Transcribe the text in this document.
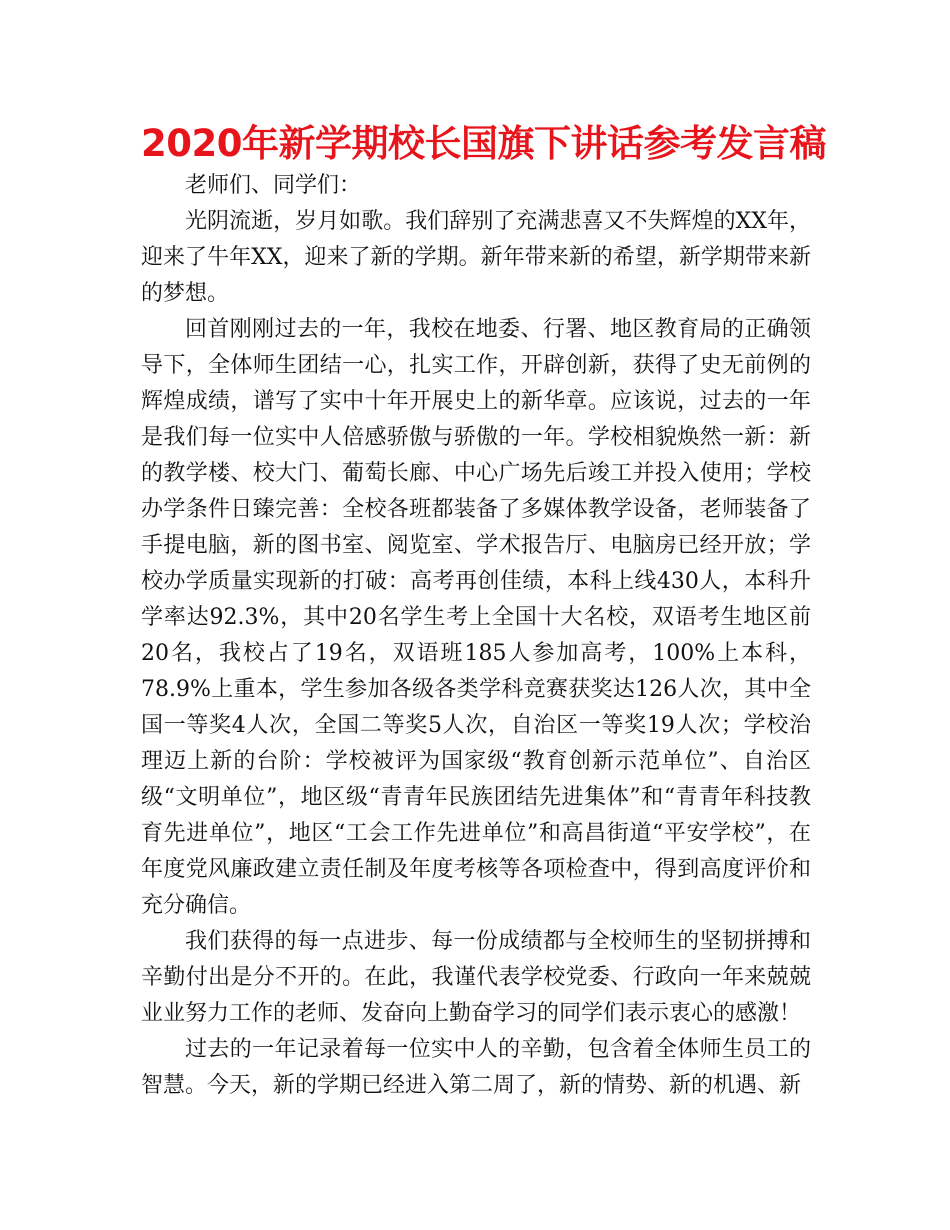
2020年新学期校长国旗下讲话参考发言稿

老师们、同学们：

光阴流逝，岁月如歌。我们辞别了充满悲喜又不失辉煌的XX年，迎来了牛年XX，迎来了新的学期。新年带来新的希望，新学期带来新的梦想。

回首刚刚过去的一年，我校在地委、行署、地区教育局的正确领导下，全体师生团结一心，扎实工作，开辟创新，获得了史无前例的辉煌成绩，谱写了实中十年开展史上的新华章。应该说，过去的一年是我们每一位实中人倍感骄傲与骄傲的一年。学校相貌焕然一新：新的教学楼、校大门、葡萄长廊、中心广场先后竣工并投入使用；学校办学条件日臻完善：全校各班都装备了多媒体教学设备，老师装备了手提电脑，新的图书室、阅览室、学术报告厅、电脑房已经开放；学校办学质量实现新的打破：高考再创佳绩，本科上线430人，本科升学率达92.3%，其中20名学生考上全国十大名校，双语考生地区前20名，我校占了19名，双语班185人参加高考，100%上本科，78.9%上重本，学生参加各级各类学科竞赛获奖达126人次，其中全国一等奖4人次，全国二等奖5人次，自治区一等奖19人次；学校治理迈上新的台阶：学校被评为国家级“教育创新示范单位”、自治区级“文明单位”，地区级“青青年民族团结先进集体”和“青青年科技教育先进单位”，地区“工会工作先进单位”和高昌街道“平安学校”，在年度党风廉政建立责任制及年度考核等各项检查中，得到高度评价和充分确信。

我们获得的每一点进步、每一份成绩都与全校师生的坚韧拼搏和辛勤付出是分不开的。在此，我谨代表学校党委、行政向一年来兢兢业业努力工作的老师、发奋向上勤奋学习的同学们表示衷心的感激！

过去的一年记录着每一位实中人的辛勤，包含着全体师生员工的智慧。今天，新的学期已经进入第二周了，新的情势、新的机遇、新
